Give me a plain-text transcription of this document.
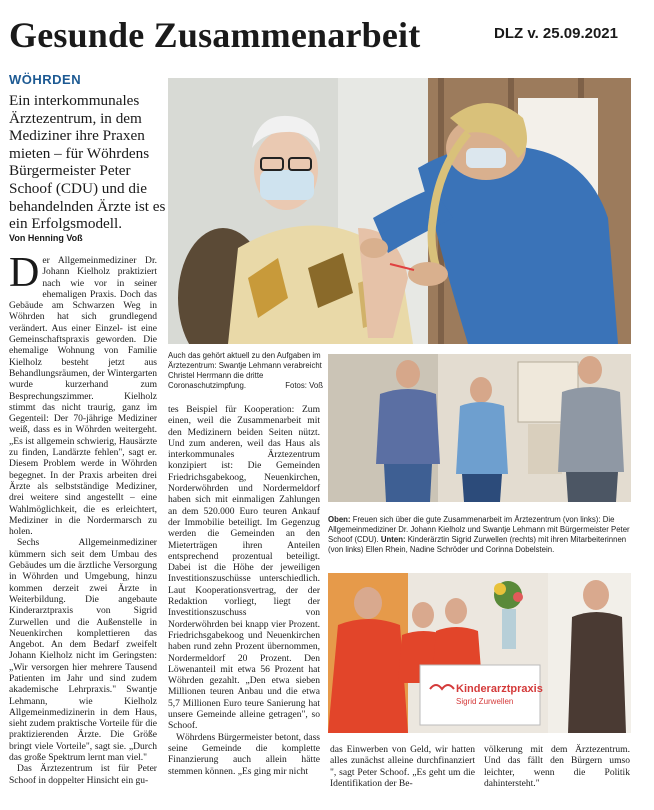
Gesunde Zusammenarbeit	DLZ v. 25.09.2021
WÖHRDEN
Ein interkommunales Ärztezentrum, in dem Mediziner ihre Praxen mieten – für Wöhrdens Bürgermeister Peter Schoof (CDU) und die behandelnden Ärzte ist es ein Erfolgsmodell.
Von Henning Voß
Auch das gehört aktuell zu den Aufgaben im Ärztezentrum: Swantje Lehmann verabreicht Christel Herrmann die dritte Coronaschutzimpfung.	Fotos: Voß
Oben: Freuen sich über die gute Zusammenarbeit im Ärztezentrum (von links): Die Allgemeinmediziner Dr. Johann Kielholz und Swantje Lehmann mit Bürgermeister Peter Schoof (CDU). Unten: Kinderärztin Sigrid Zurwellen (rechts) mit ihren Mitarbeiterinnen (von links) Ellen Rhein, Nadine Schröder und Corinna Dobelstein.
Kinderarztpraxis
Sigrid Zurwellen

Der Allgemeinmediziner Dr. Johann Kielholz praktiziert nach wie vor in seiner ehemaligen Praxis. Doch das Gebäude am Schwarzen Weg in Wöhrden hat sich grundlegend verändert. Aus einer Einzel- ist eine Gemeinschaftspraxis geworden. Die ehemalige Wohnung von Familie Kielholz besteht jetzt aus Behandlungsräumen, der Wintergarten wurde kurzerhand zum Besprechungszimmer. Kielholz stimmt das nicht traurig, ganz im Gegenteil: Der 70-jährige Mediziner weiß, dass es in Wöhrden weitergeht. „Es ist allgemein schwierig, Hausärzte zu finden, Landärzte fehlen", sagt er. Diesem Problem werde in Wöhrden begegnet. In der Praxis arbeiten drei Ärzte als selbstständige Mediziner, drei weitere sind angestellt – eine Wahlmöglichkeit, die es erleichtert, Mediziner in die Nordermarsch zu holen.

Sechs Allgemeinmediziner kümmern sich seit dem Umbau des Gebäudes um die ärztliche Versorgung in Wöhrden und Umgebung, hinzu kommen derzeit zwei Ärzte in Weiterbildung. Die angebaute Kinderarztpraxis von Sigrid Zurwellen und die Außenstelle in Neuenkirchen komplettieren das Angebot. An dem Bedarf zweifelt Johann Kielholz nicht im Geringsten: „Wir versorgen hier mehrere Tausend Patienten im Jahr und sind zudem akademische Lehrpraxis." Swantje Lehmann, wie Kielholz Allgemeinmedizinerin in dem Haus, sieht zudem praktische Vorteile für die praktizierenden Ärzte. Die Größe bringt viele Vorteile", sagt sie. „Durch das große Spektrum lernt man viel."

Das Ärztezentrum ist für Peter Schoof in doppelter Hinsicht ein gu-

tes Beispiel für Kooperation: Zum einen, weil die Zusammenarbeit mit den Medizinern beiden Seiten nützt. Und zum anderen, weil das Haus als interkommunales Ärztezentrum konzipiert ist: Die Gemeinden Friedrichsgabekoog, Neuenkirchen, Norderwöhrden und Nordermeldorf haben sich mit einmaligen Zahlungen an dem 520.000 Euro teuren Ankauf der Immobilie beteiligt. Im Gegenzug werden die Gemeinden an den Mieterträgen ihren Anteilen entsprechend prozentual beteiligt. Dabei ist die Höhe der jeweiligen Investitionszuschüsse unterschiedlich. Laut Kooperationsvertrag, der der Redaktion vorliegt, liegt der Investitionszuschuss von Norderwöhrden bei knapp vier Prozent. Friedrichsgabekoog und Neuenkirchen haben rund zehn Prozent übernommen, Nordermeldorf 20 Prozent. Den Löwenanteil mit etwa 56 Prozent hat Wöhrden gezahlt. „Den etwa sieben Millionen teuren Anbau und die etwa 5,7 Millionen Euro teure Sanierung hat unsere Gemeinde alleine getragen", so Schoof.

Wöhrdens Bürgermeister betont, dass seine Gemeinde die komplette Finanzierung auch allein hätte stemmen können. „Es ging mir nicht

das Einwerben von Geld, wir hatten alles zunächst alleine durchfinanziert ", sagt Peter Schoof. „Es geht um die Identifikation der Be-

völkerung mit dem Ärztezentrum. Und das fällt den Bürgern umso leichter, wenn die Politik dahintersteht."
